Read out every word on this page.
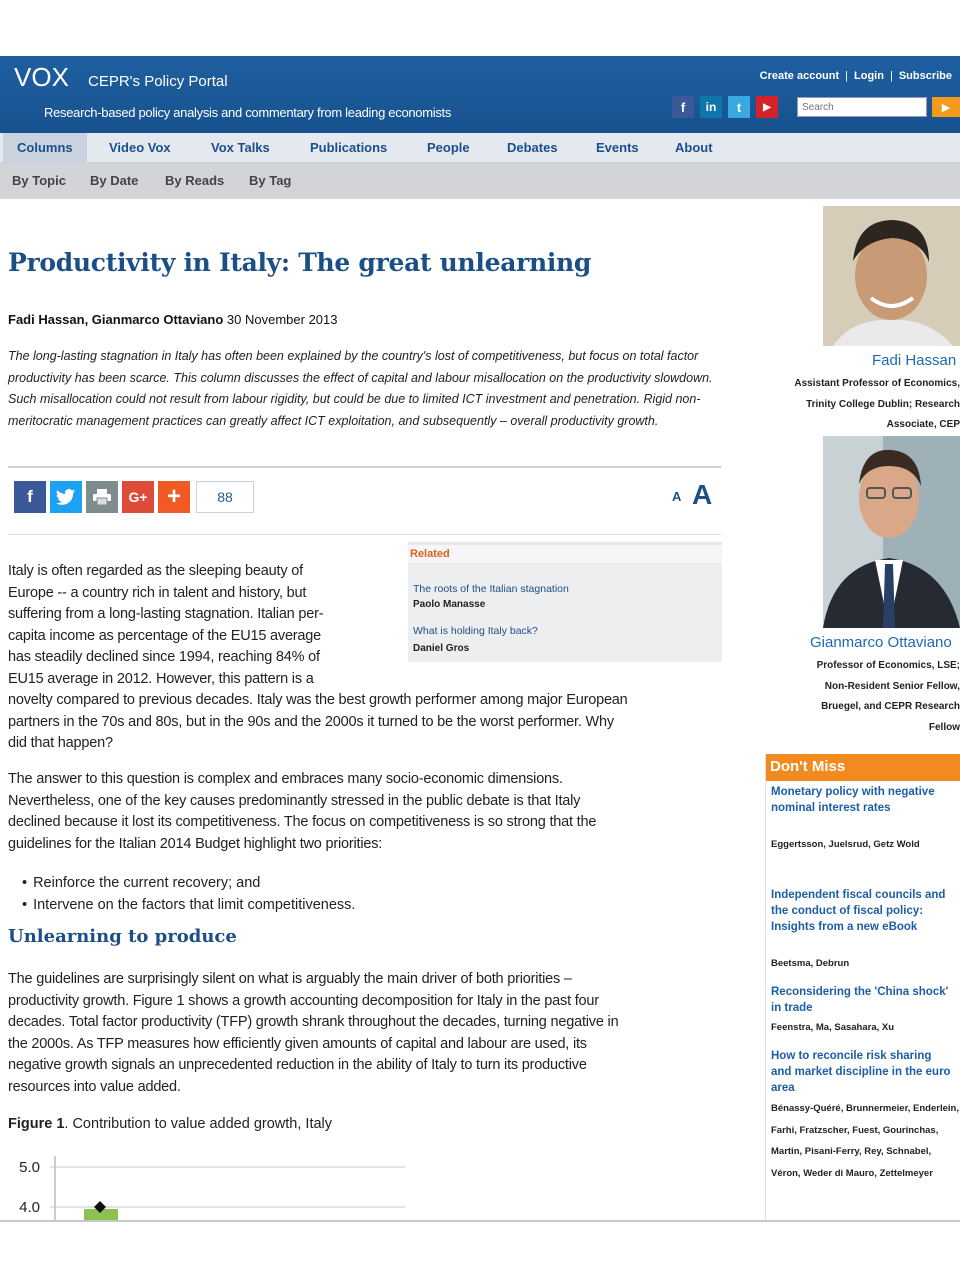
VOX CEPR's Policy Portal
Research-based policy analysis and commentary from leading economists
Create account | Login | Subscribe
f	in	t	▶
Search	▶
Columns	Video Vox	Vox Talks	Publications	People	Debates	Events	About
By Topic By Date By Reads By Tag
Productivity in Italy: The great unlearning
Fadi Hassan, Gianmarco Ottaviano 30 November 2013
The long-lasting stagnation in Italy has often been explained by the country's lost of competitiveness, but focus on total factor productivity has been scarce. This column discusses the effect of capital and labour misallocation on the productivity slowdown. Such misallocation could not result from labour rigidity, but could be due to limited ICT investment and penetration. Rigid non-meritocratic management practices can greatly affect ICT exploitation, and subsequently – overall productivity growth.
f	G+ +	88	A A
Related
The roots of the Italian stagnation
Paolo Manasse
What is holding Italy back?
Daniel Gros
Italy is often regarded as the sleeping beauty of
Europe -- a country rich in talent and history, but
suffering from a long-lasting stagnation. Italian per-
capita income as percentage of the EU15 average
has steadily declined since 1994, reaching 84% of
EU15 average in 2012. However, this pattern is a
novelty compared to previous decades. Italy was the best growth performer among major European
partners in the 70s and 80s, but in the 90s and the 2000s it turned to be the worst performer. Why
did that happen?
The answer to this question is complex and embraces many socio-economic dimensions.
Nevertheless, one of the key causes predominantly stressed in the public debate is that Italy
declined because it lost its competitiveness. The focus on competitiveness is so strong that the
guidelines for the Italian 2014 Budget highlight two priorities:
• Reinforce the current recovery; and
• Intervene on the factors that limit competitiveness.
Unlearning to produce
The guidelines are surprisingly silent on what is arguably the main driver of both priorities –
productivity growth. Figure 1 shows a growth accounting decomposition for Italy in the past four
decades. Total factor productivity (TFP) growth shrank throughout the decades, turning negative in
the 2000s. As TFP measures how efficiently given amounts of capital and labour are used, its
negative growth signals an unprecedented reduction in the ability of Italy to turn its productive
resources into value added.
Figure 1. Contribution to value added growth, Italy
5.0
4.0
Fadi Hassan
Assistant Professor of Economics,
Trinity College Dublin; Research
Associate, CEP
Gianmarco Ottaviano
Professor of Economics, LSE;
Non-Resident Senior Fellow,
Bruegel, and CEPR Research
Fellow
Don't Miss
Monetary policy with negative nominal interest rates
Eggertsson, Juelsrud, Getz Wold
Independent fiscal councils and the conduct of fiscal policy: Insights from a new eBook
Beetsma, Debrun
Reconsidering the 'China shock' in trade
Feenstra, Ma, Sasahara, Xu
How to reconcile risk sharing and market discipline in the euro area
Bénassy-Quéré, Brunnermeier, Enderlein, Farhi, Fratzscher, Fuest, Gourinchas, Martin, Pisani-Ferry, Rey, Schnabel, Véron, Weder di Mauro, Zettelmeyer
